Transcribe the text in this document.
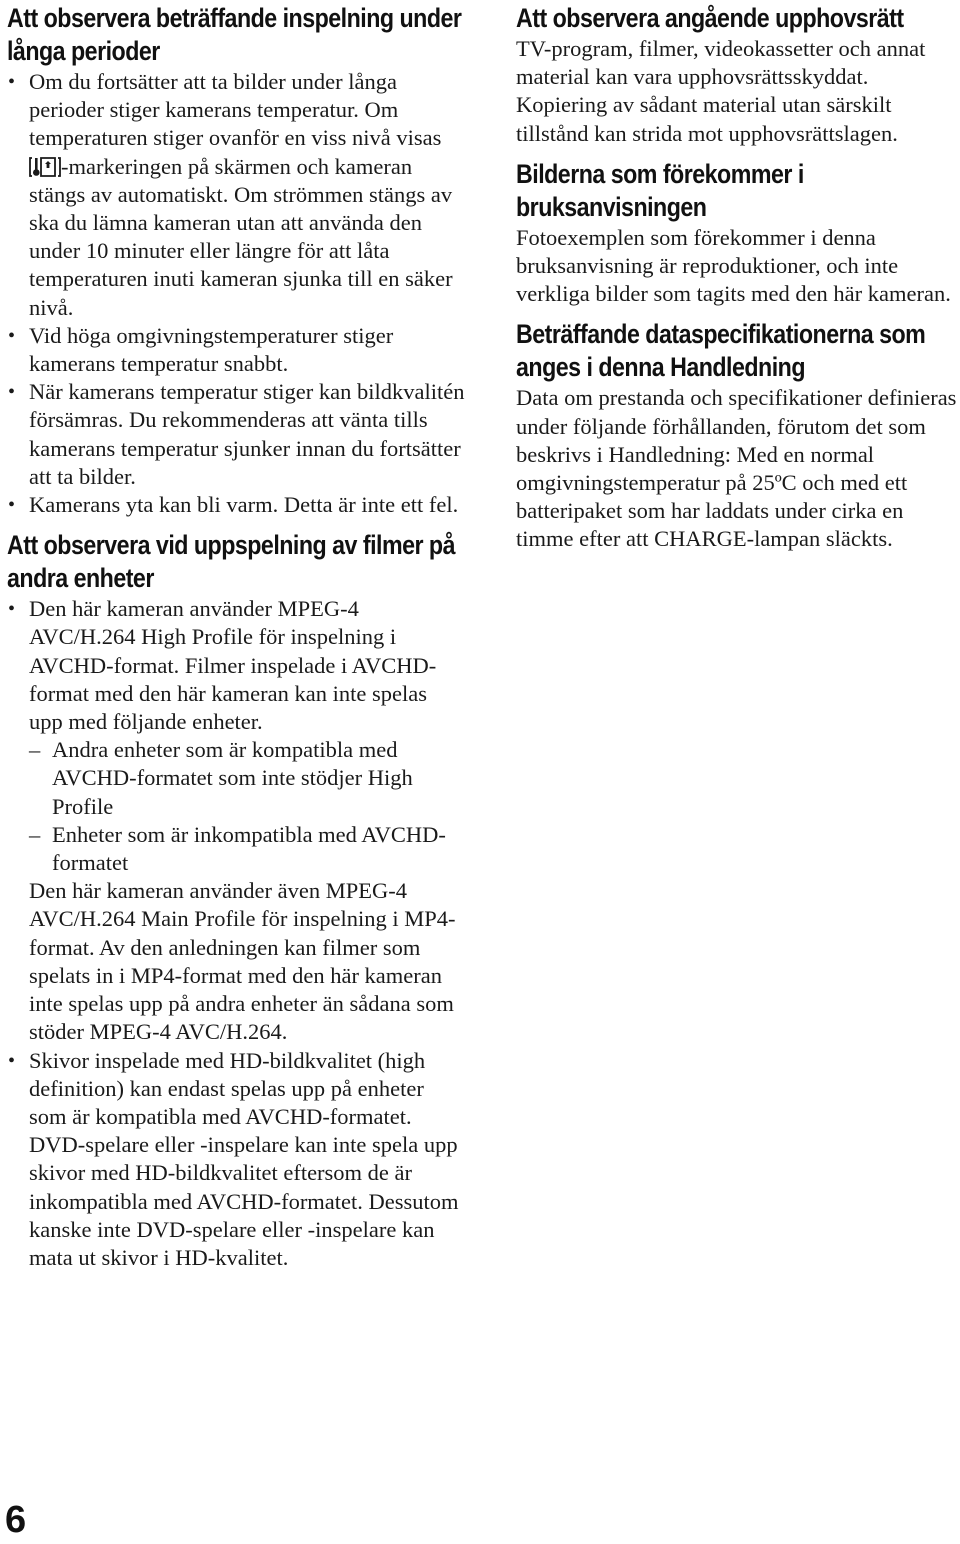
Att observera beträffande inspelning under långa perioder
• Om du fortsätter att ta bilder under långa perioder stiger kamerans temperatur. Om temperaturen stiger ovanför en viss nivå visas -markeringen på skärmen och kameran stängs av automatiskt. Om strömmen stängs av ska du lämna kameran utan att använda den under 10 minuter eller längre för att låta temperaturen inuti kameran sjunka till en säker nivå.
• Vid höga omgivningstemperaturer stiger kamerans temperatur snabbt.
• När kamerans temperatur stiger kan bildkvalitén försämras. Du rekommenderas att vänta tills kamerans temperatur sjunker innan du fortsätter att ta bilder.
• Kamerans yta kan bli varm. Detta är inte ett fel.
Att observera vid uppspelning av filmer på andra enheter
• Den här kameran använder MPEG-4 AVC/H.264 High Profile för inspelning i AVCHD-format. Filmer inspelade i AVCHD-format med den här kameran kan inte spelas upp med följande enheter.
– Andra enheter som är kompatibla med AVCHD-formatet som inte stödjer High Profile
– Enheter som är inkompatibla med AVCHD-formatet
Den här kameran använder även MPEG-4 AVC/H.264 Main Profile för inspelning i MP4-format. Av den anledningen kan filmer som spelats in i MP4-format med den här kameran inte spelas upp på andra enheter än sådana som stöder MPEG-4 AVC/H.264.
• Skivor inspelade med HD-bildkvalitet (high definition) kan endast spelas upp på enheter som är kompatibla med AVCHD-formatet. DVD-spelare eller -inspelare kan inte spela upp skivor med HD-bildkvalitet eftersom de är inkompatibla med AVCHD-formatet. Dessutom kanske inte DVD-spelare eller -inspelare kan mata ut skivor i HD-kvalitet.
Att observera angående upphovsrätt

TV-program, filmer, videokassetter och annat material kan vara upphovsrättsskyddat. Kopiering av sådant material utan särskilt tillstånd kan strida mot upphovsrättslagen.

Bilderna som förekommer i bruksanvisningen

Fotoexemplen som förekommer i denna bruksanvisning är reproduktioner, och inte verkliga bilder som tagits med den här kameran.

Beträffande dataspecifikationerna som anges i denna Handledning

Data om prestanda och specifikationer definieras under följande förhållanden, förutom det som beskrivs i Handledning: Med en normal omgivningstemperatur på 25ºC och med ett batteripaket som har laddats under cirka en timme efter att CHARGE-lampan släckts.

6
